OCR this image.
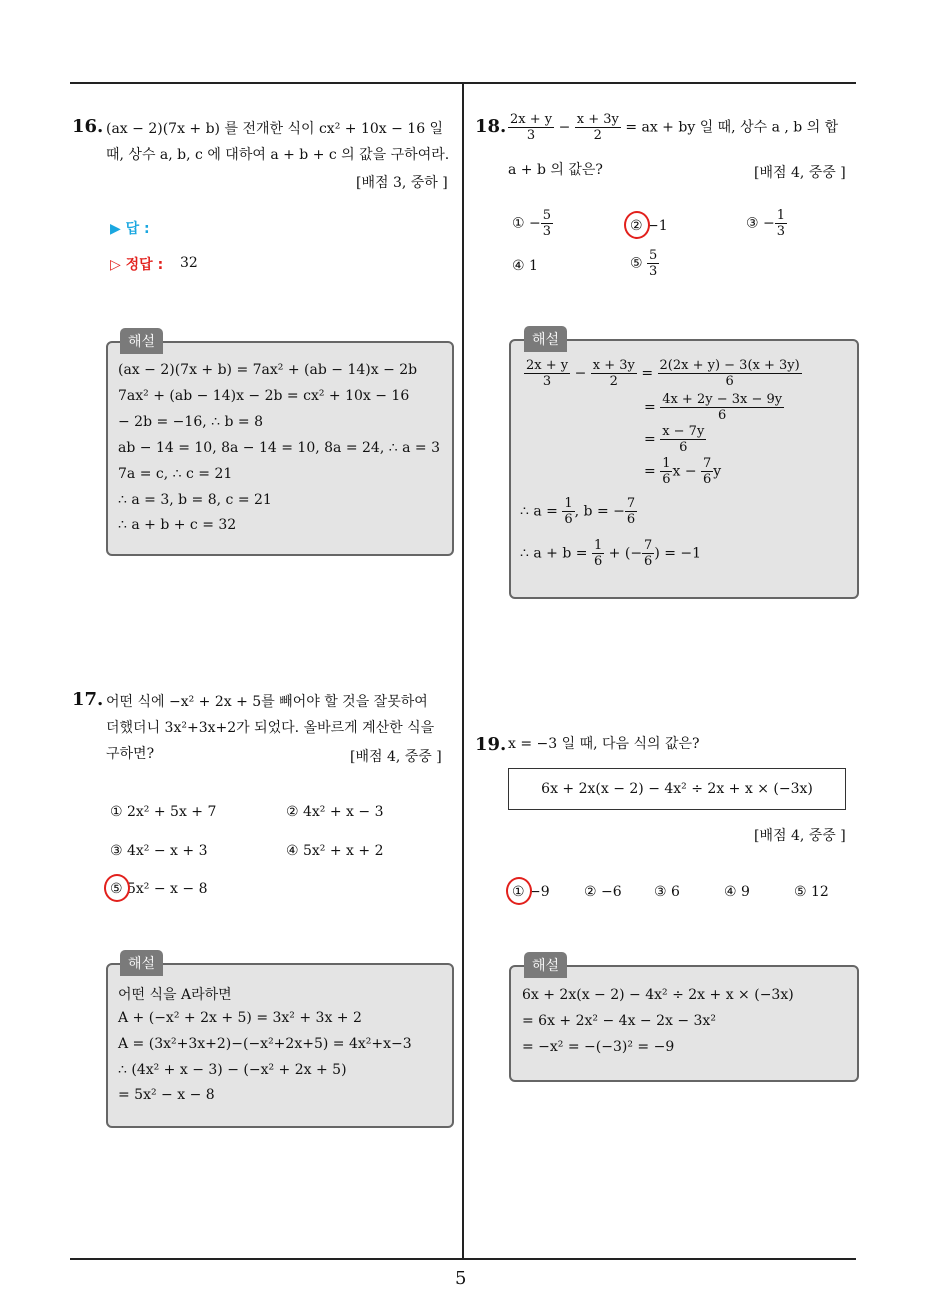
5
16. (ax − 2)(7x + b) 를 전개한 식이 cx² + 10x − 16 일
때, 상수 a, b, c 에 대하여 a + b + c 의 값을 구하여라.
[배점 3, 중하 ]
▶ 답 :
▷ 정답 : 32
해설
(ax − 2)(7x + b) = 7ax² + (ab − 14)x − 2b
7ax² + (ab − 14)x − 2b = cx² + 10x − 16
− 2b = −16, ∴ b = 8
ab − 14 = 10, 8a − 14 = 10, 8a = 24, ∴ a = 3
7a = c, ∴ c = 21
∴ a = 3, b = 8, c = 21
∴ a + b + c = 32
17. 어떤 식에 −x² + 2x + 5를 빼어야 할 것을 잘못하여
더했더니 3x²+3x+2가 되었다. 올바르게 계산한 식을
구하면?	[배점 4, 중중 ]
① 2x² + 5x + 7	② 4x² + x − 3
③ 4x² − x + 3	④ 5x² + x + 2
⑤ 5x² − x − 8
해설
어떤 식을 A라하면
A + (−x² + 2x + 5) = 3x² + 3x + 2
A = (3x²+3x+2)−(−x²+2x+5) = 4x²+x−3
∴ (4x² + x − 3) − (−x² + 2x + 5)
= 5x² − x − 8
18. $\frac{2x + y}{3} - \frac{x + 3y}{2}$ = ax + by 일 때, 상수 a , b 의 합
a + b 의 값은?	[배점 4, 중중 ]
① − $\frac{5}{3}$	② −1	③ − $\frac{1}{3}$
④ 1	⑤ $\frac{5}{3}$
해설
$\frac{2x + y}{3} - \frac{x + 3y}{2} = \frac{2(2x + y) - 3(x + 3y)}{6}$
= $\frac{4x + 2y - 3x - 9y}{6}$
= $\frac{x - 7y}{6}$
= $\frac{1}{6}$ $x - \frac{7}{6}$ y
∴ $a = \frac{1}{6}$ , b = − $\frac{7}{6}$
∴ $a + b = \frac{1}{6}$ + (− $\frac{7}{6}$ ) = −1
19. x = −3 일 때, 다음 식의 값은?
6x + 2x(x − 2) − 4x² ÷ 2x + x × (−3x)
[배점 4, 중중 ]
① −9 ② −6 ③ 6	④ 9	⑤ 12
해설
6x + 2x(x − 2) − 4x² ÷ 2x + x × (−3x)
= 6x + 2x² − 4x − 2x − 3x²
= −x² = −(−3)² = −9
